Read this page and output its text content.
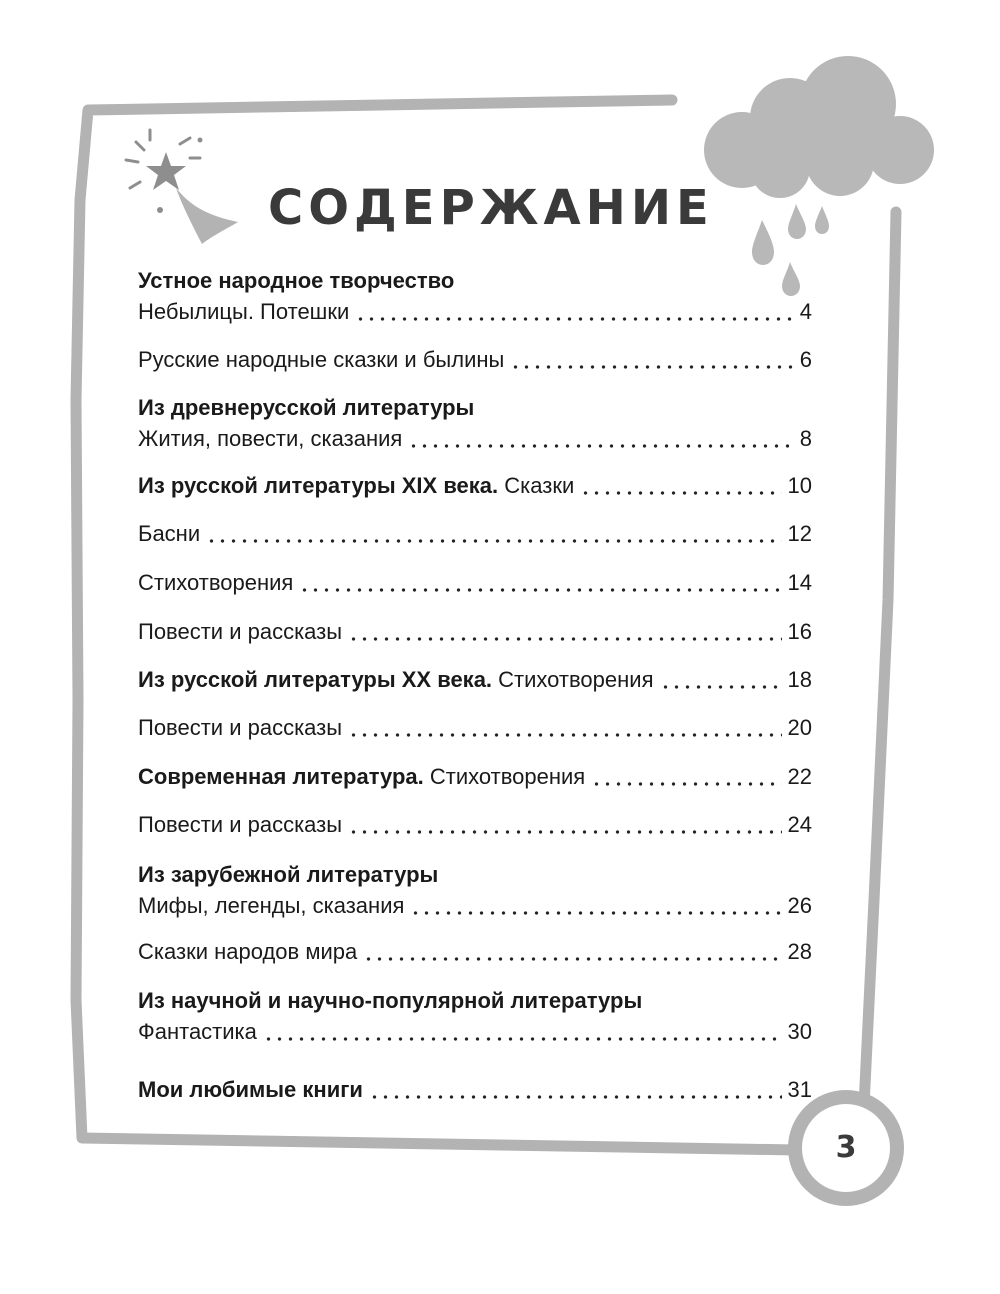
СОДЕРЖАНИЕ
Устное народное творчество
Небылицы. Потешки	4
Русские народные сказки и былины	6
Из древнерусской литературы
Жития, повести, сказания	8
Из русской литературы XIX века. Сказки	10
Басни	12
Стихотворения	14
Повести и рассказы	16
Из русской литературы XX века. Стихотворения	18
Повести и рассказы	20
Современная литература. Стихотворения	22
Повести и рассказы	24
Из зарубежной литературы
Мифы, легенды, сказания	26
Сказки народов мира	28
Из научной и научно-популярной литературы
Фантастика	30
Мои любимые книги	31
3
